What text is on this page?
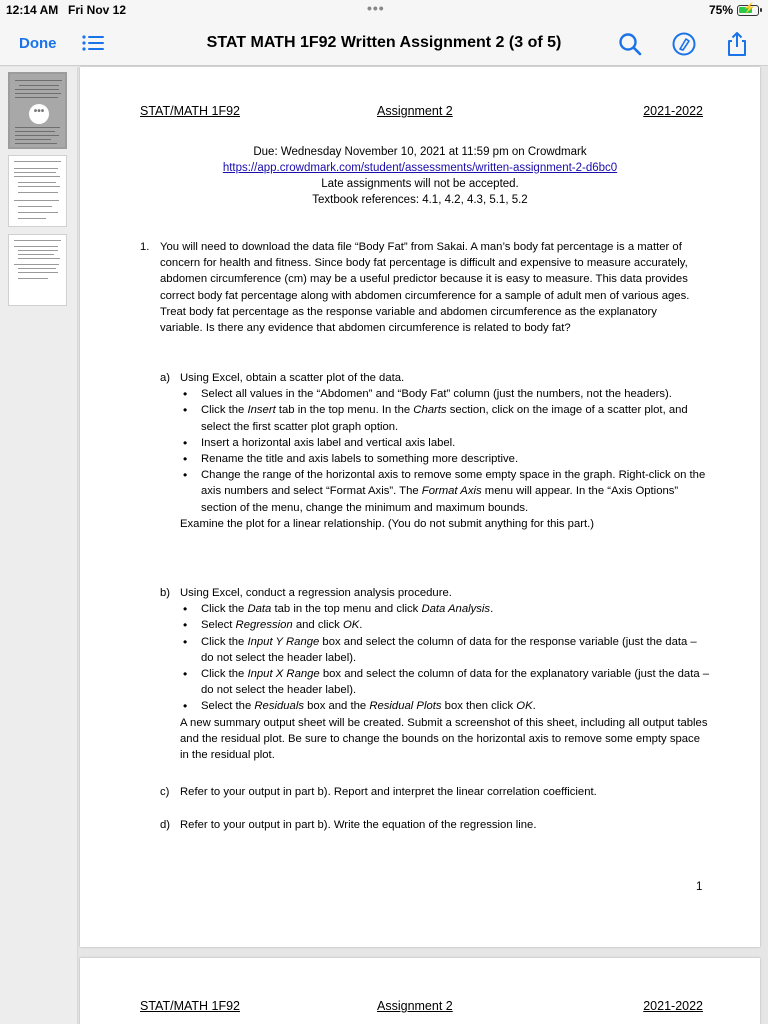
12:14 AM Fri Nov 12	•••	75% ⚡
Done	STAT MATH 1F92 Written Assignment 2 (3 of 5)
•••	STAT/MATH 1F92	Assignment 2	2021-2022
Due: Wednesday November 10, 2021 at 11:59 pm on Crowdmark
https://app.crowdmark.com/student/assessments/written-assignment-2-d6bc0
Late assignments will not be accepted.
Textbook references: 4.1, 4.2, 4.3, 5.1, 5.2
1. You will need to download the data file “Body Fat” from Sakai. A man’s body fat percentage is a matter of concern for health and fitness. Since body fat percentage is difficult and expensive to measure accurately, abdomen circumference (cm) may be a useful predictor because it is easy to measure. This data provides correct body fat percentage along with abdomen circumference for a sample of adult men of various ages. Treat body fat percentage as the response variable and abdomen circumference as the explanatory variable. Is there any evidence that abdomen circumference is related to body fat?
a) Using Excel, obtain a scatter plot of the data.
• Select all values in the “Abdomen” and “Body Fat” column (just the numbers, not the headers).
• Click the Insert tab in the top menu. In the Charts section, click on the image of a scatter plot, and select the first scatter plot graph option.
• Insert a horizontal axis label and vertical axis label.
• Rename the title and axis labels to something more descriptive.
• Change the range of the horizontal axis to remove some empty space in the graph. Right-click on the axis numbers and select “Format Axis”. The Format Axis menu will appear. In the “Axis Options” section of the menu, change the minimum and maximum bounds.
Examine the plot for a linear relationship. (You do not submit anything for this part.)
b) Using Excel, conduct a regression analysis procedure.
• Click the Data tab in the top menu and click Data Analysis.
• Select Regression and click OK.
• Click the Input Y Range box and select the column of data for the response variable (just the data – do not select the header label).
• Click the Input X Range box and select the column of data for the explanatory variable (just the data – do not select the header label).
• Select the Residuals box and the Residual Plots box then click OK.
A new summary output sheet will be created. Submit a screenshot of this sheet, including all output tables and the residual plot. Be sure to change the bounds on the horizontal axis to remove some empty space in the residual plot.
c) Refer to your output in part b). Report and interpret the linear correlation coefficient.
d) Refer to your output in part b). Write the equation of the regression line.
1
STAT/MATH 1F92	Assignment 2	2021-2022
